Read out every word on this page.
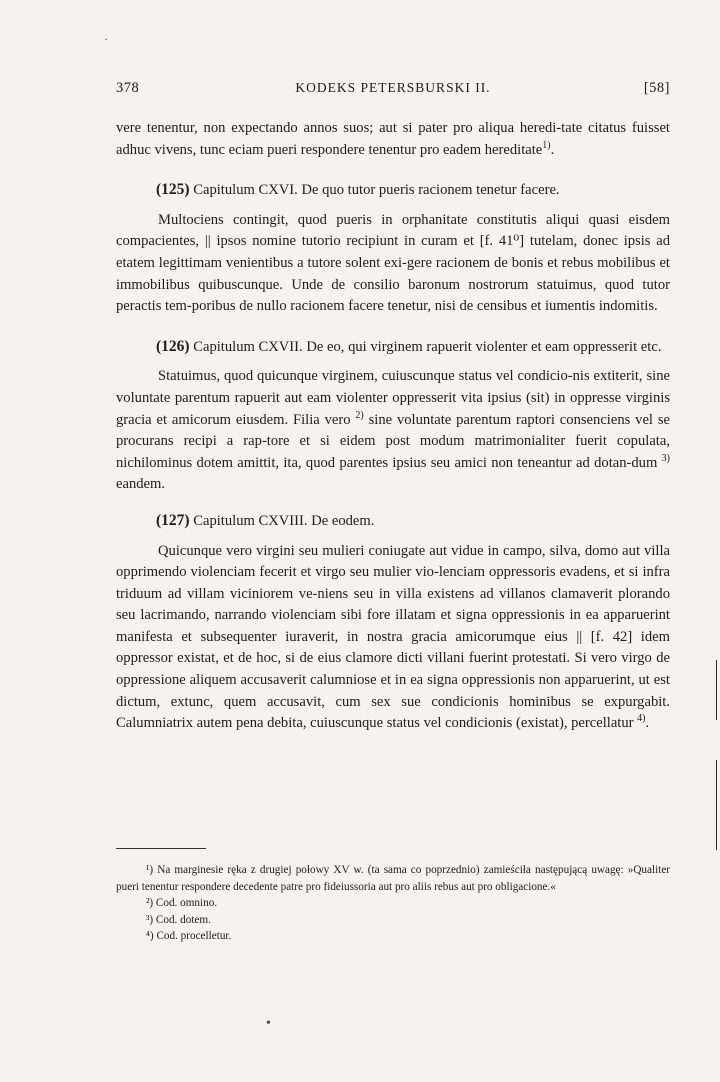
·
378	KODEKS PETERSBURSKI II.	[58]

vere tenentur, non expectando annos suos; aut si pater pro aliqua heredi-tate citatus fuisset adhuc vivens, tunc eciam pueri respondere tenentur pro eadem hereditate$^{1)}$.

(125) Capitulum CXVI. De quo tutor pueris racionem tenetur facere.

Multociens contingit, quod pueris in orphanitate constitutis aliqui quasi eisdem compacientes, || ipsos nomine tutorio recipiunt in curam et [f. 41⁰] tutelam, donec ipsis ad etatem legittimam venientibus a tutore solent exi-gere racionem de bonis et rebus mobilibus et immobilibus quibuscunque. Unde de consilio baronum nostrorum statuimus, quod tutor peractis tem-poribus de nullo racionem facere tenetur, nisi de censibus et iumentis indomitis.

(126) Capitulum CXVII. De eo, qui virginem rapuerit violenter et eam oppresserit etc.

Statuimus, quod quicunque virginem, cuiuscunque status vel condicio-nis extiterit, sine voluntate parentum rapuerit aut eam violenter oppresserit vita ipsius (sit) in oppresse virginis gracia et amicorum eiusdem. Filia vero $^{2)}$ sine voluntate parentum raptori consenciens vel se procurans recipi a rap-tore et si eidem post modum matrimonialiter fuerit copulata, nichilominus dotem amittit, ita, quod parentes ipsius seu amici non teneantur ad dotan-dum $^{3)}$ eandem.

(127) Capitulum CXVIII. De eodem.

Quicunque vero virgini seu mulieri coniugate aut vidue in campo, silva, domo aut villa opprimendo violenciam fecerit et virgo seu mulier vio-lenciam oppressoris evadens, et si infra triduum ad villam viciniorem ve-niens seu in villa existens ad villanos clamaverit plorando seu lacrimando, narrando violenciam sibi fore illatam et signa oppressionis in ea apparuerint manifesta et subsequenter iuraverit, in nostra gracia amicorumque eius || [f. 42] idem oppressor existat, et de hoc, si de eius clamore dicti villani fuerint protestati. Si vero virgo de oppressione aliquem accusaverit calumniose et in ea signa oppressionis non apparuerint, ut est dictum, extunc, quem accusavit, cum sex sue condicionis hominibus se expurgabit. Calumniatrix autem pena debita, cuiuscunque status vel condicionis (existat), percellatur $^{4)}$.

¹) Na marginesie ręka z drugiej połowy XV w. (ta sama co poprzednio) zamieściła następującą uwagę: »Qualiter pueri tenentur respondere decedente patre pro fideiussoria aut pro aliis rebus aut pro obligacione.«

²) Cod. omnino.

³) Cod. dotem.

⁴) Cod. procelletur.

•
